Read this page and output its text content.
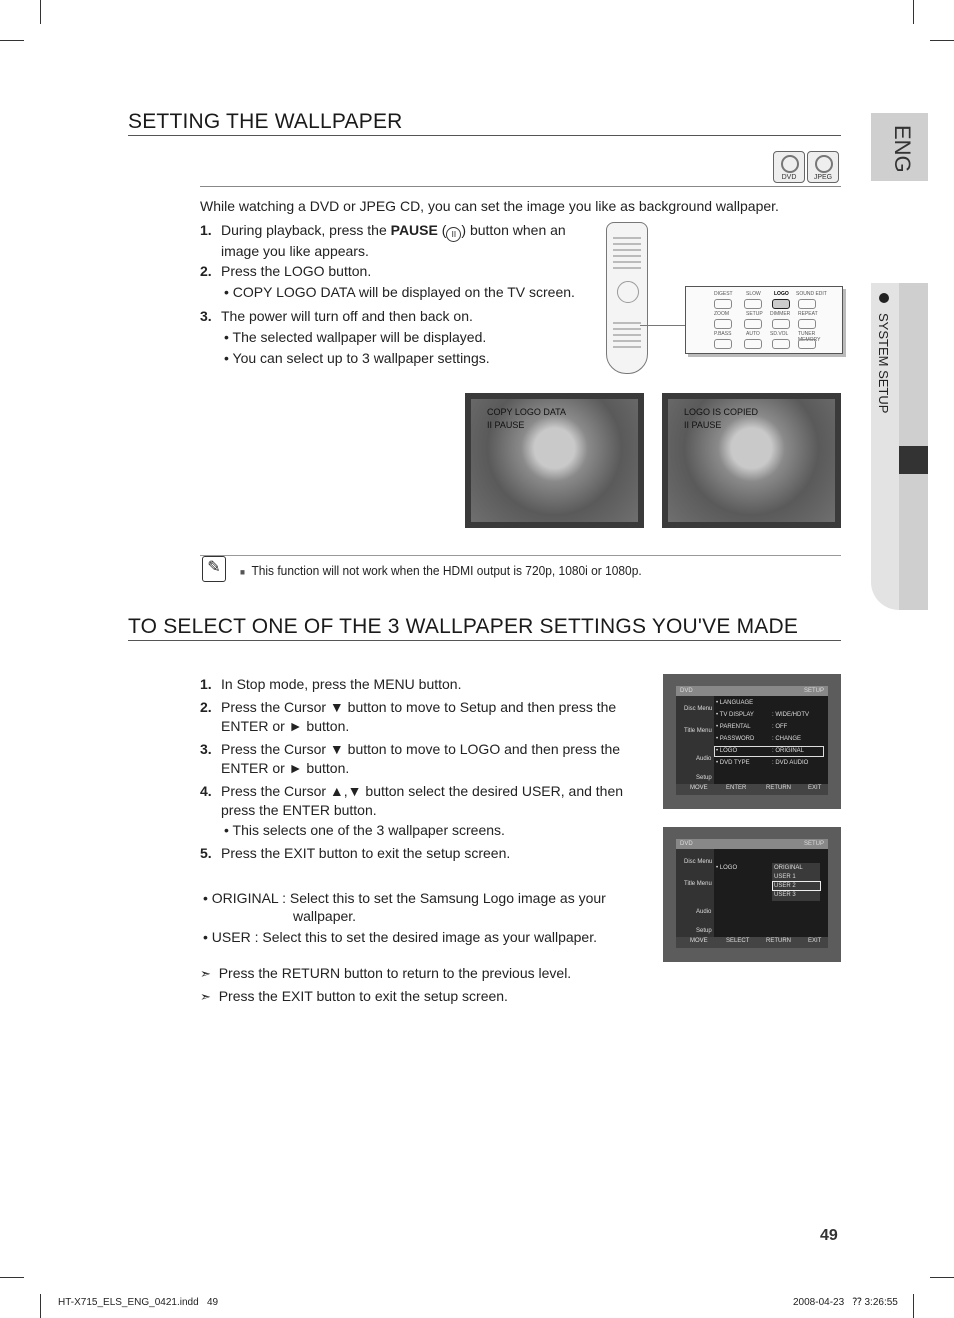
ENG
SYSTEM SETUP
SETTING THE WALLPAPER
DVD	JPEG
While watching a DVD or JPEG CD, you can set the image you like as background wallpaper.
1. During playback, press the PAUSE ( II ) button when an
image you like appears.
2. Press the LOGO button.
• COPY LOGO DATA will be displayed on the TV screen.
3. The power will turn off and then back on.
• The selected wallpaper will be displayed.
• You can select up to 3 wallpaper settings.
DIGEST	SLOW	LOGO SOUND EDIT
ZOOM	SETUP DIMMER REPEAT
P.BASS	AUTO SD.VOL TUNER MEMORY
COPY LOGO DATA
II PAUSE
LOGO IS COPIED
II PAUSE
✎	■ This function will not work when the HDMI output is 720p, 1080i or 1080p.
TO SELECT ONE OF THE 3 WALLPAPER SETTINGS YOU'VE MADE
1. In Stop mode, press the MENU button.
2. Press the Cursor ▼ button to move to Setup and then press the
ENTER or ► button.
3. Press the Cursor ▼ button to move to LOGO and then press the
ENTER or ► button.
4. Press the Cursor ▲,▼ button select the desired USER, and then
press the ENTER button.
• This selects one of the 3 wallpaper screens.
5. Press the EXIT button to exit the setup screen.
• ORIGINAL : Select this to set the Samsung Logo image as your
wallpaper.
• USER : Select this to set the desired image as your wallpaper.
➣ Press the RETURN button to return to the previous level.
➣ Press the EXIT button to exit the setup screen.
DVD	SETUP
Disc Menu
Title Menu
Audio
Setup
• LANGUAGE
• TV DISPLAY	: WIDE/HDTV
• PARENTAL	: OFF
• PASSWORD	: CHANGE
• LOGO	: ORIGINAL
• DVD TYPE	: DVD AUDIO
MOVE	ENTER	RETURN	EXIT
DVD	SETUP
Disc Menu
Title Menu
Audio
Setup
• LOGO	ORIGINAL
USER 1
USER 2
USER 3
MOVE	SELECT	RETURN	EXIT
49
HT-X715_ELS_ENG_0421.indd   49	2008-04-23   ⁇ 3:26:55
